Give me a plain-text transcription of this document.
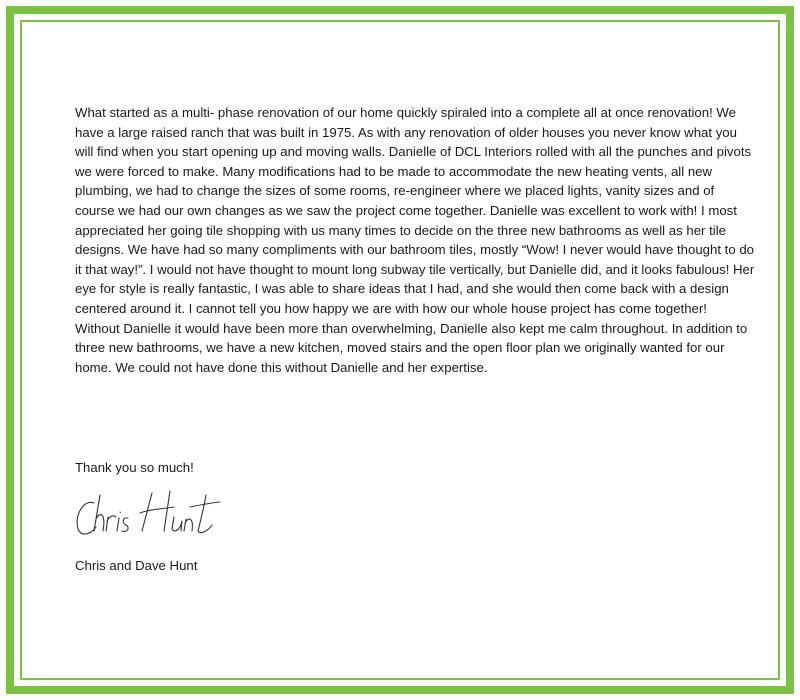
What started as a multi- phase renovation of our home quickly spiraled into a complete all at once renovation! We have a large raised ranch that was built in 1975. As with any renovation of older houses you never know what you will find when you start opening up and moving walls. Danielle of DCL Interiors rolled with all the punches and pivots we were forced to make. Many modifications had to be made to accommodate the new heating vents, all new plumbing, we had to change the sizes of some rooms, re-engineer where we placed lights, vanity sizes and of course we had our own changes as we saw the project come together. Danielle was excellent to work with! I most appreciated her going tile shopping with us many times to decide on the three new bathrooms as well as her tile designs. We have had so many compliments with our bathroom tiles, mostly “Wow! I never would have thought to do it that way!”. I would not have thought to mount long subway tile vertically, but Danielle did, and it looks fabulous! Her eye for style is really fantastic, I was able to share ideas that I had, and she would then come back with a design centered around it. I cannot tell you how happy we are with how our whole house project has come together! Without Danielle it would have been more than overwhelming, Danielle also kept me calm throughout. In addition to three new bathrooms, we have a new kitchen, moved stairs and the open floor plan we originally wanted for our home. We could not have done this without Danielle and her expertise.

Thank you so much!

Chris and Dave Hunt
